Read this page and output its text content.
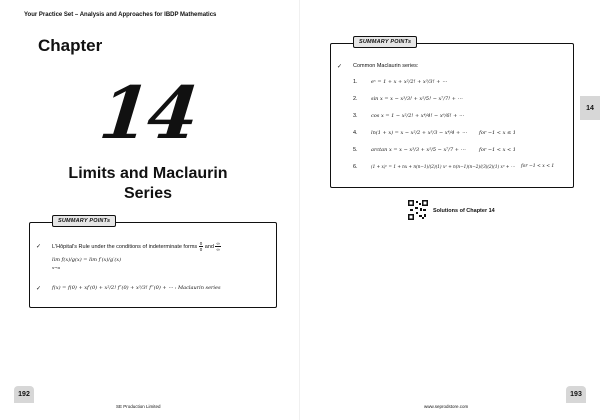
Your Practice Set – Analysis and Approaches for IBDP Mathematics
Chapter
14
Limits and Maclaurin
Series
SUMMARY POINTs
✓ L'Hôpital's Rule under the conditions of indeterminate forms $\frac{0}{0}$ and $\frac{\infty}{\infty}$
lim f(x)/g(x) = lim f′(x)/g′(x)
x→a
✓ f(x) = f(0) + xf′(0) + x²/2! f″(0) + x³/3! f‴(0) + ⋯ : Maclaurin series
192
SE Production Limited
SUMMARY POINTs
✓ Common Maclaurin series:
1.	eˣ = 1 + x + x²/2! + x³/3! + ⋯
2.	sin x = x − x³/3! + x⁵/5! − x⁷/7! + ⋯
3.	cos x = 1 − x²/2! + x⁴/4! − x⁶/6! + ⋯
4.	ln(1 + x) = x − x²/2 + x³/3 − x⁴/4 + ⋯ for −1 < x ≤ 1
5.	arctan x = x − x³/3 + x⁵/5 − x⁷/7 + ⋯	for −1 < x < 1
6.	(1 + x)ⁿ = 1 + nx + n(n−1)/(2)(1) x² + n(n−1)(n−2)/(3)(2)(1) x³ + ⋯ for −1 < x < 1
14
Solutions of Chapter 14
193
www.seprodstore.com
